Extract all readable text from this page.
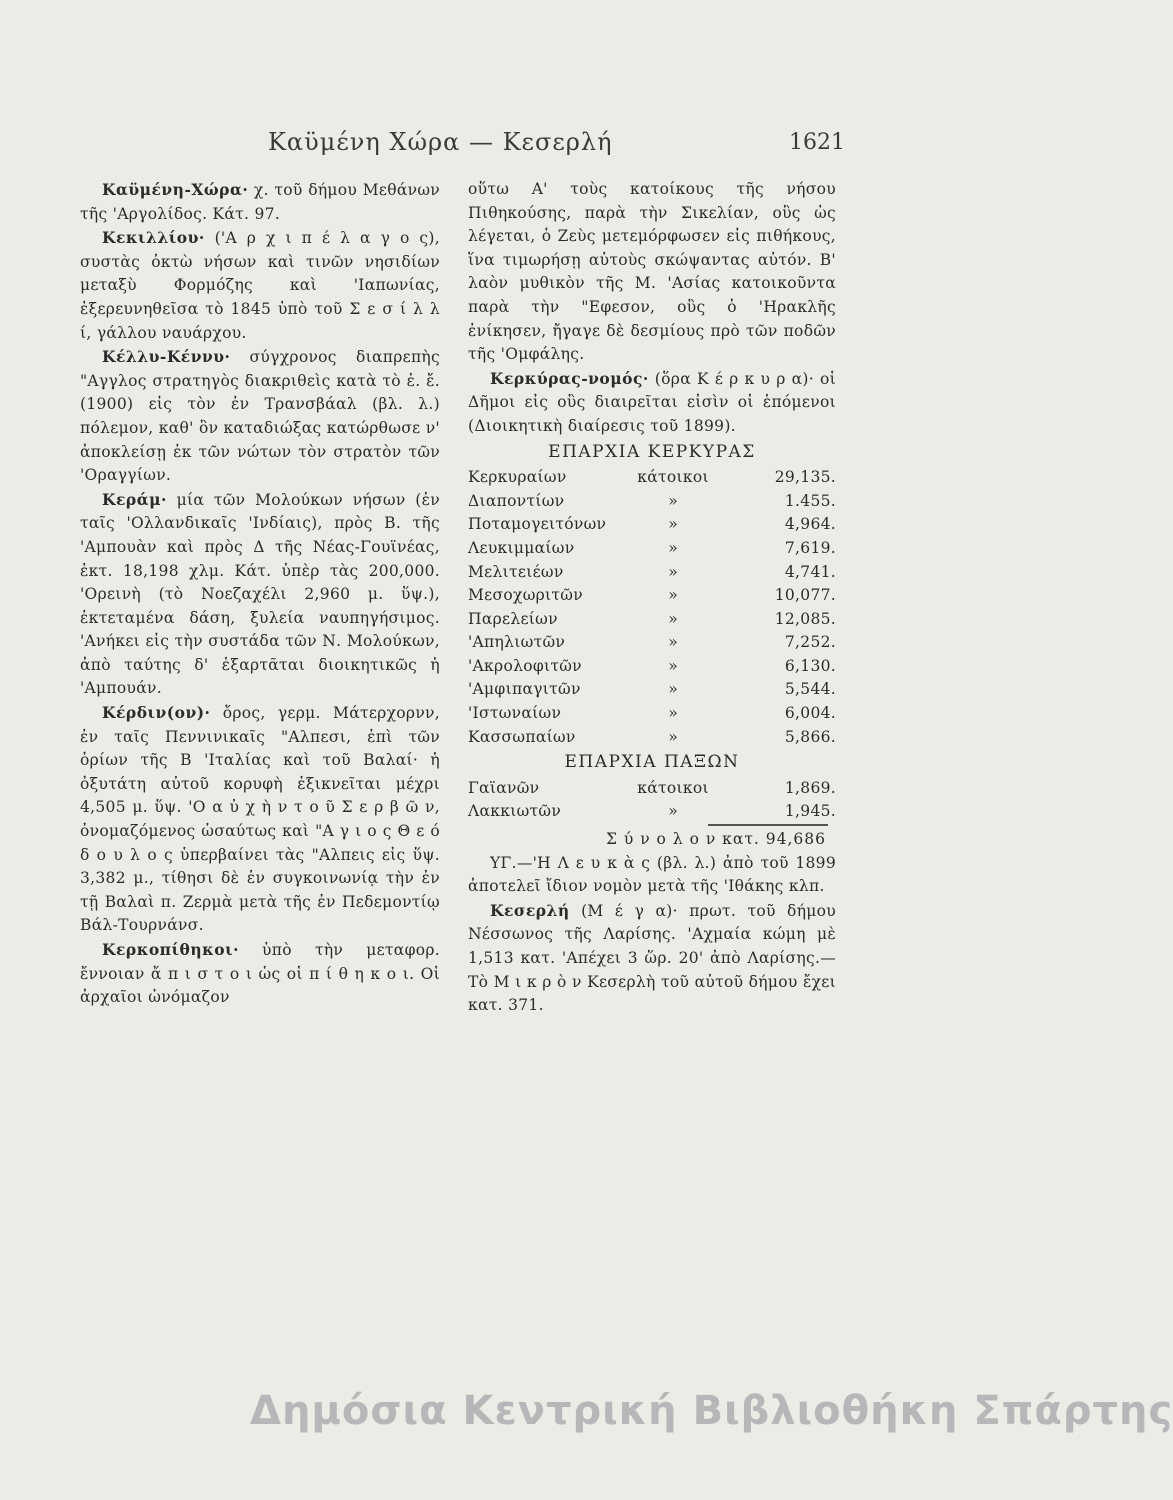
Καϋμένη Χώρα — Κεσερλή	1621

Καϋμένη-Χώρα· χ. τοῦ δήμου Μεθάνων τῆς 'Αργολίδος. Κάτ. 97.

Κεκιλλίου· ('Α ρ χ ι π έ λ α γ ο ς), συστὰς ὀκτὼ νήσων καὶ τινῶν νησιδίων μεταξὺ Φορμόζης καὶ 'Ιαπωνίας, ἐξερευνηθεῖσα τὸ 1845 ὑπὸ τοῦ Σ ε σ ί λ λ ί, γάλλου ναυάρχου.

Κέλλυ-Κέννυ· σύγχρονος διαπρεπὴς "Αγγλος στρατηγὸς διακριθεὶς κατὰ τὸ ἐ. ἔ. (1900) εἰς τὸν ἐν Τρανσβάαλ (βλ. λ.) πόλεμον, καθ' ὃν καταδιώξας κατώρθωσε ν' ἀποκλείσῃ ἐκ τῶν νώτων τὸν στρατὸν τῶν 'Οραγγίων.

Κεράμ· μία τῶν Μολούκων νήσων (ἐν ταῖς 'Ολλανδικαῖς 'Ινδίαις), πρὸς Β. τῆς 'Αμπουὰν καὶ πρὸς Δ τῆς Νέας-Γουϊνέας, ἐκτ. 18,198 χλμ. Κάτ. ὑπὲρ τὰς 200,000. 'Ορεινὴ (τὸ Νοεζαχέλι 2,960 μ. ὕψ.), ἐκτεταμένα δάση, ξυλεία ναυπηγήσιμος. 'Ανήκει εἰς τὴν συστάδα τῶν Ν. Μολούκων, ἀπὸ ταύτης δ' ἐξαρτᾶται διοικητικῶς ἡ 'Αμπουάν.

Κέρδιν(ον)· ὄρος, γερμ. Μάτερχορνν, ἐν ταῖς Πεννινικαῖς "Αλπεσι, ἐπὶ τῶν ὁρίων τῆς Β 'Ιταλίας καὶ τοῦ Βαλαί· ἡ ὀξυτάτη αὐτοῦ κορυφὴ ἐξικνεῖται μέχρι 4,505 μ. ὕψ. 'Ο α ὐ χ ὴ ν τ ο ῦ Σ ε ρ β ῶ ν, ὀνομαζόμενος ὡσαύτως καὶ "Α γ ι ο ς Θ ε ό δ ο υ λ ο ς ὑπερβαίνει τὰς "Αλπεις εἰς ὕψ. 3,382 μ., τίθησι δὲ ἐν συγκοινωνίᾳ τὴν ἐν τῇ Βαλαὶ π. Ζερμὰ μετὰ τῆς ἐν Πεδεμοντίῳ Βάλ-Τουρνάνσ.

Κερκοπίθηκοι· ὑπὸ τὴν μεταφορ. ἔννοιαν ἄ π ι σ τ ο ι ὡς οἱ π ί θ η κ ο ι. Οἱ ἀρχαῖοι ὠνόμαζον

οὕτω Α' τοὺς κατοίκους τῆς νήσου Πιθηκούσης, παρὰ τὴν Σικελίαν, οὓς ὡς λέγεται, ὁ Ζεὺς μετεμόρφωσεν εἰς πιθήκους, ἵνα τιμωρήσῃ αὐτοὺς σκώψαντας αὐτόν. Β' λαὸν μυθικὸν τῆς Μ. 'Ασίας κατοικοῦντα παρὰ τὴν "Εφεσον, οὓς ὁ 'Ηρακλῆς ἐνίκησεν, ἤγαγε δὲ δεσμίους πρὸ τῶν ποδῶν τῆς 'Ομφάλης.

Κερκύρας-νομός· (ὅρα Κ έ ρ κ υ ρ α)· οἱ Δῆμοι εἰς οὓς διαιρεῖται εἰσὶν οἱ ἑπόμενοι (Διοικητικὴ διαίρεσις τοῦ 1899).

ΕΠΑΡΧΙΑ ΚΕΡΚΥΡΑΣ
Κερκυραίων	κάτοικοι	29,135.
Διαποντίων	»	1.455.
Ποταμογειτόνων	»	4,964.
Λευκιμμαίων	»	7,619.
Μελιτειέων	»	4,741.
Μεσοχωριτῶν	»	10,077.
Παρελείων	»	12,085.
'Απηλιωτῶν	»	7,252.
'Ακρολοφιτῶν	»	6,130.
'Αμφιπαγιτῶν	»	5,544.
'Ιστωναίων	»	6,004.
Κασσωπαίων	»	5,866.
ΕΠΑΡΧΙΑ ΠΑΞΩΝ
Γαϊανῶν	κάτοικοι	1,869.
Λακκιωτῶν	»	1,945.
Σ ύ ν ο λ ο ν κατ. 94,686

ΥΓ.—'Η Λ ε υ κ ὰ ς (βλ. λ.) ἀπὸ τοῦ 1899 ἀποτελεῖ ἴδιον νομὸν μετὰ τῆς 'Ιθάκης κλπ.

Κεσερλή (Μ έ γ α)· πρωτ. τοῦ δήμου Νέσσωνος τῆς Λαρίσης. 'Αχμαία κώμη μὲ 1,513 κατ. 'Απέχει 3 ὥρ. 20' ἀπὸ Λαρίσης.— Τὸ Μ ι κ ρ ὸ ν Κεσερλὴ τοῦ αὐτοῦ δήμου ἔχει κατ. 371.

Δημόσια Κεντρική Βιβλιοθήκη Σπάρτης
